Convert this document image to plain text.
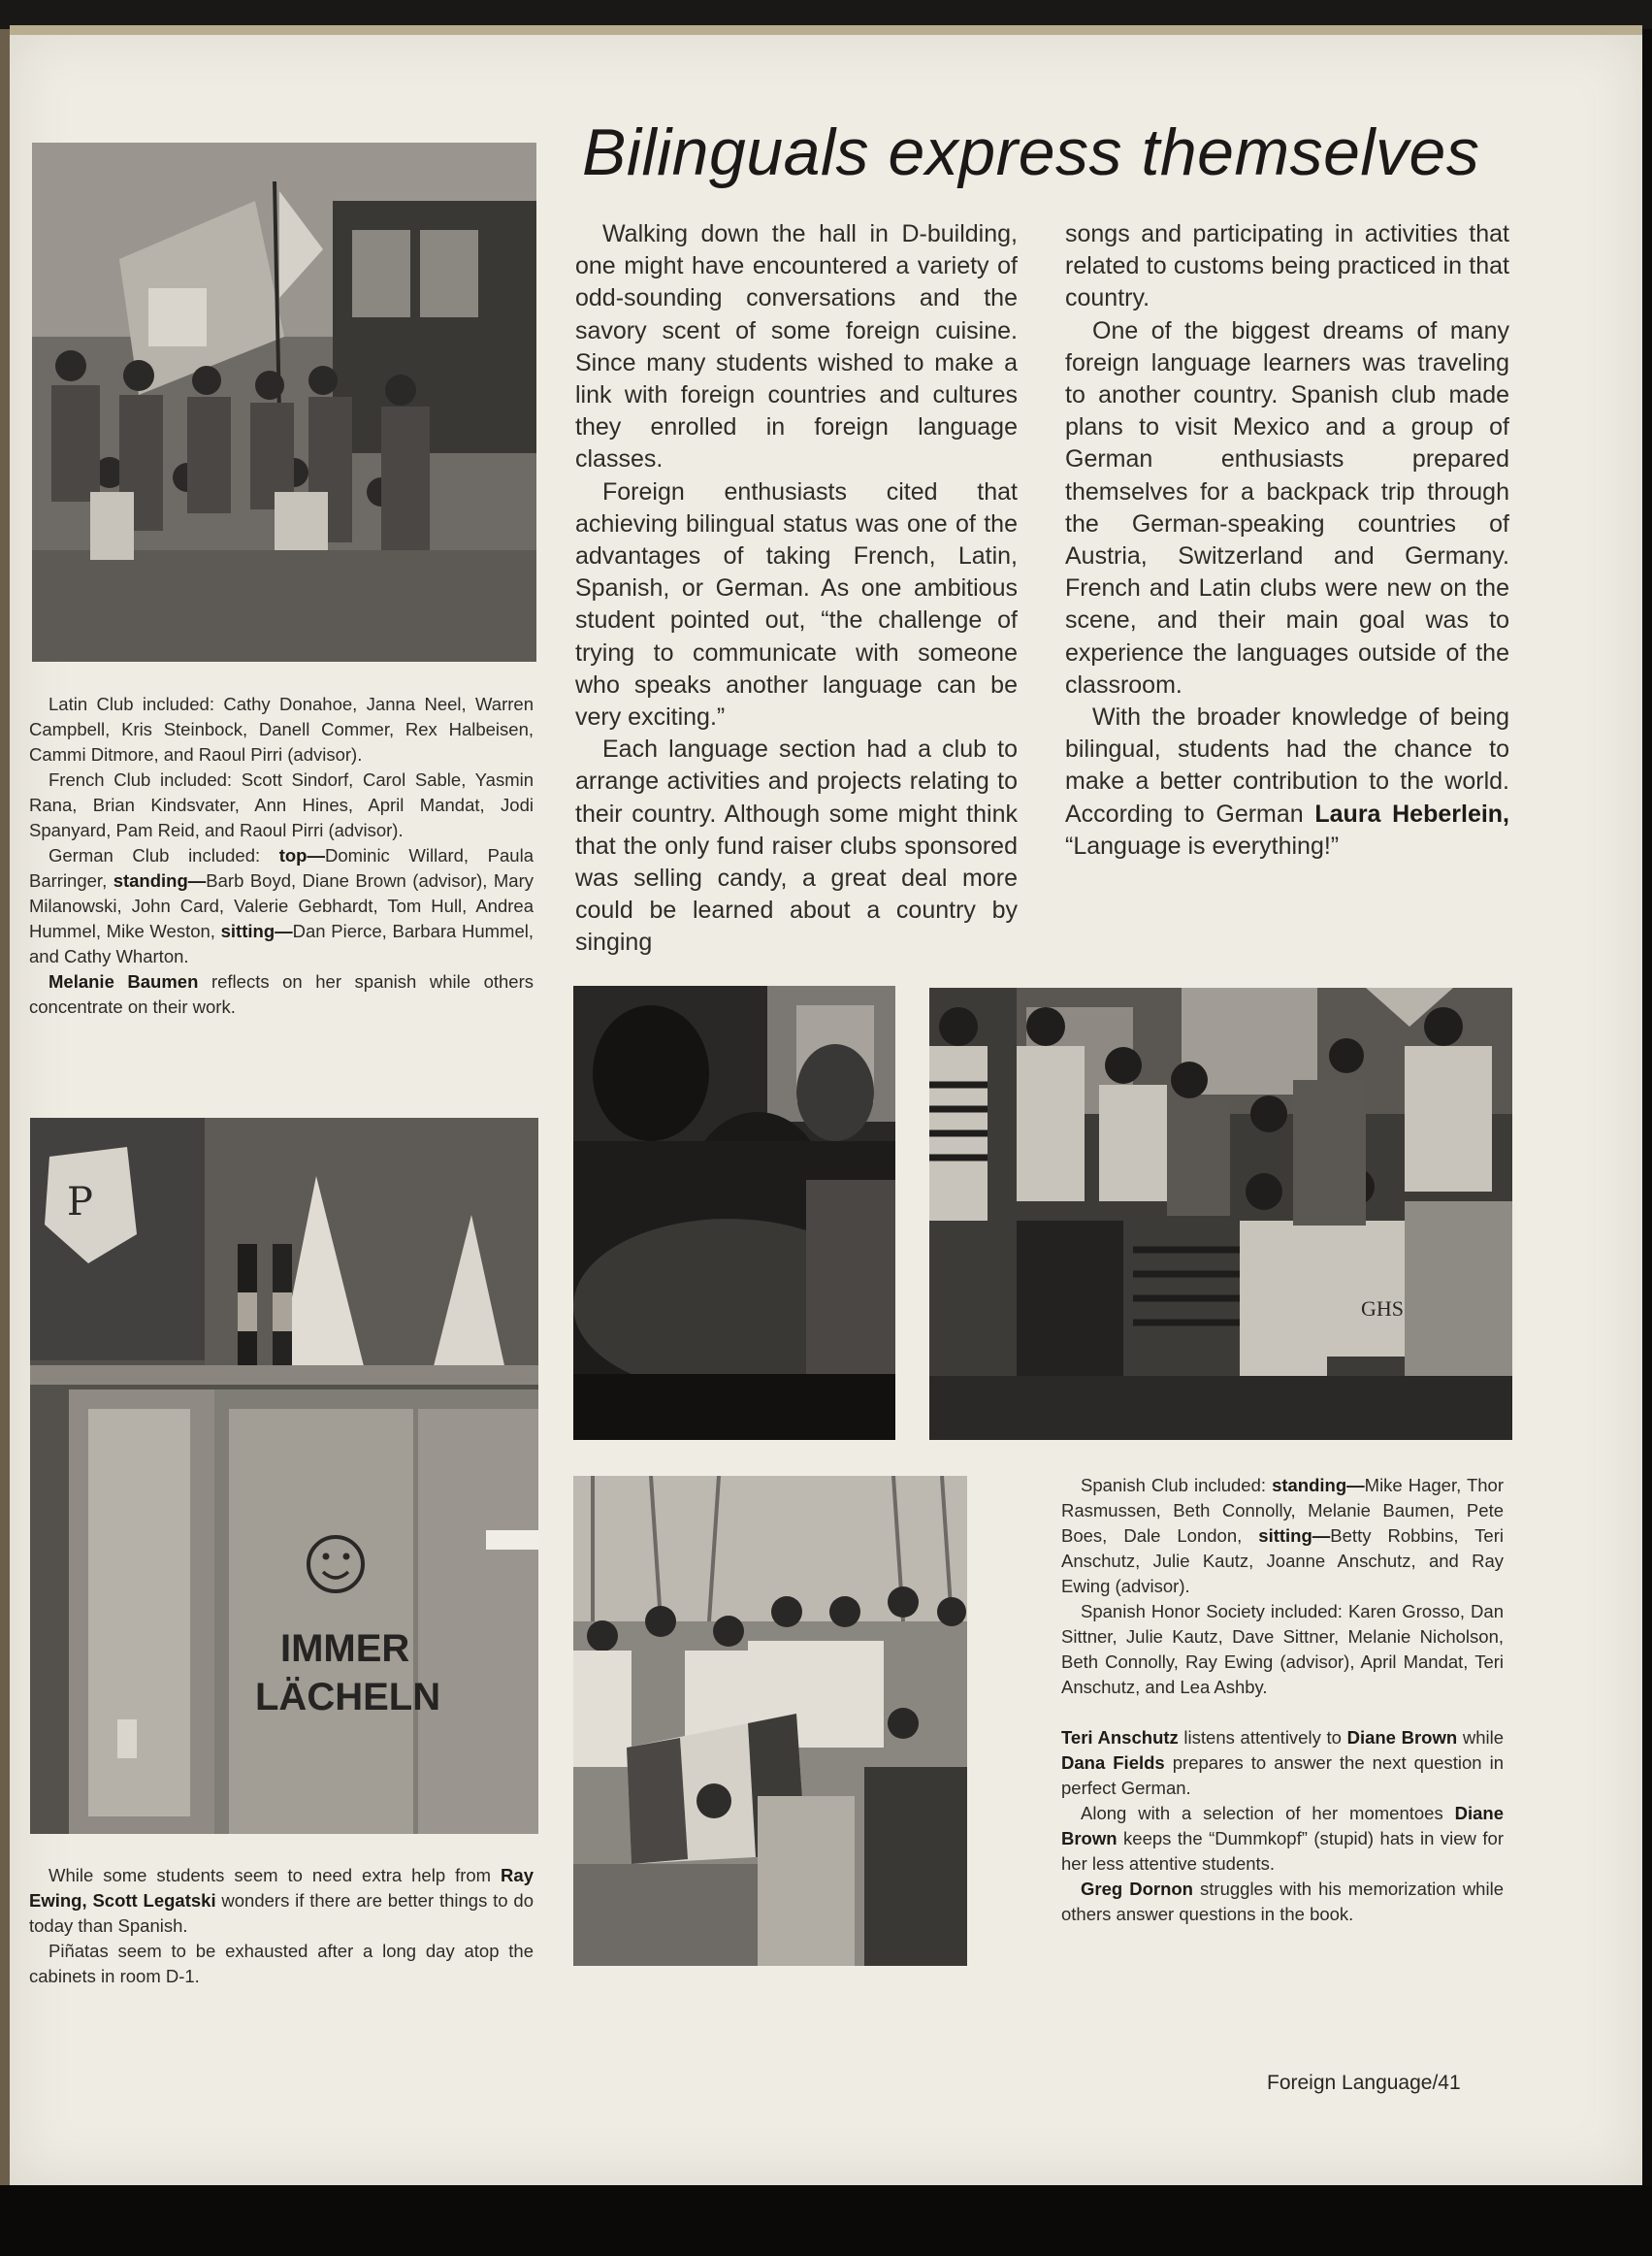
Bilinguals express themselves

Latin Club included: Cathy Donahoe, Janna Neel, Warren Campbell, Kris Steinbock, Danell Commer, Rex Halbeisen, Cammi Ditmore, and Raoul Pirri (advisor).

French Club included: Scott Sindorf, Carol Sable, Yasmin Rana, Brian Kindsvater, Ann Hines, April Mandat, Jodi Spanyard, Pam Reid, and Raoul Pirri (advisor).

German Club included: top—Dominic Willard, Paula Barringer, standing—Barb Boyd, Diane Brown (advisor), Mary Milanowski, John Card, Valerie Gebhardt, Tom Hull, Andrea Hummel, Mike Weston, sitting—Dan Pierce, Barbara Hummel, and Cathy Wharton.

Melanie Baumen reflects on her spanish while others concentrate on their work.

P
IMMER
LÄCHELN

While some students seem to need extra help from Ray Ewing, Scott Legatski wonders if there are better things to do today than Spanish.

Piñatas seem to be exhausted after a long day atop the cabinets in room D-1.

Walking down the hall in D-building, one might have encountered a variety of odd-sounding conversations and the savory scent of some foreign cuisine. Since many students wished to make a link with foreign countries and cultures they enrolled in foreign language classes.

Foreign enthusiasts cited that achieving bilingual status was one of the advantages of taking French, Latin, Spanish, or German. As one ambitious student pointed out, “the challenge of trying to communicate with someone who speaks another language can be very exciting.”

Each language section had a club to arrange activities and projects relating to their country. Although some might think that the only fund raiser clubs sponsored was selling candy, a great deal more could be learned about a country by singing

songs and participating in activities that related to customs being practiced in that country.

One of the biggest dreams of many foreign language learners was traveling to another country. Spanish club made plans to visit Mexico and a group of German enthusiasts prepared themselves for a backpack trip through the German-speaking countries of Austria, Switzerland and Germany. French and Latin clubs were new on the scene, and their main goal was to experience the languages outside of the classroom.

With the broader knowledge of being bilingual, students had the chance to make a better contribution to the world. According to German Laura Heberlein, “Language is everything!”

GHS

Spanish Club included: standing—Mike Hager, Thor Rasmussen, Beth Connolly, Melanie Baumen, Pete Boes, Dale London, sitting—Betty Robbins, Teri Anschutz, Julie Kautz, Joanne Anschutz, and Ray Ewing (advisor).

Spanish Honor Society included: Karen Grosso, Dan Sittner, Julie Kautz, Dave Sittner, Melanie Nicholson, Beth Connolly, Ray Ewing (advisor), April Mandat, Teri Anschutz, and Lea Ashby.

Teri Anschutz listens attentively to Diane Brown while Dana Fields prepares to answer the next question in perfect German.

Along with a selection of her momentoes Diane Brown keeps the “Dummkopf” (stupid) hats in view for her less attentive students.

Greg Dornon struggles with his memorization while others answer questions in the book.

Foreign Language/41
